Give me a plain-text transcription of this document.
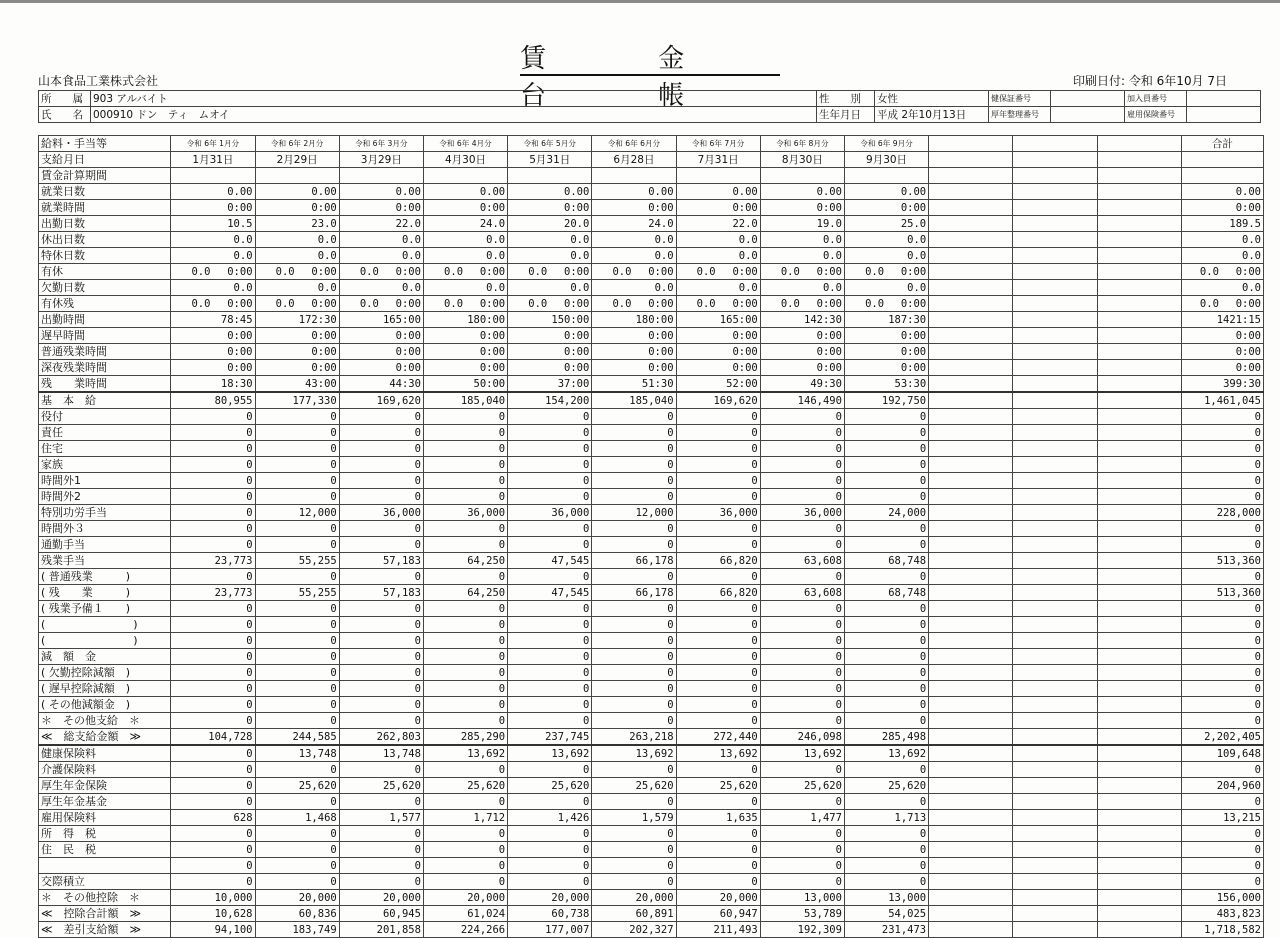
賃 金 台 帳
山本食品工業株式会社	印刷日付: 令和 6年10月 7日
所　　属	903 アルバイト	性　　別	女性	健保証番号		加入員番号	
氏　　名	000910 ドン　ティ　ムオイ	生年月日	平成 2年10月13日	厚年整理番号		雇用保険番号	
給料・手当等	令和 6年 1月分	令和 6年 2月分	令和 6年 3月分	令和 6年 4月分	令和 6年 5月分	令和 6年 6月分	令和 6年 7月分	令和 6年 8月分	令和 6年 9月分				合計
支給月日	1月31日	2月29日	3月29日	4月30日	5月31日	6月28日	7月31日	8月30日	9月30日				
賃金計算期間													
就業日数	0.00	0.00	0.00	0.00	0.00	0.00	0.00	0.00	0.00				0.00
就業時間	0:00	0:00	0:00	0:00	0:00	0:00	0:00	0:00	0:00				0:00
出勤日数	10.5	23.0	22.0	24.0	20.0	24.0	22.0	19.0	25.0				189.5
休出日数	0.0	0.0	0.0	0.0	0.0	0.0	0.0	0.0	0.0				0.0
特休日数	0.0	0.0	0.0	0.0	0.0	0.0	0.0	0.0	0.0				0.0
有休	0.0　 0:00	0.0　 0:00	0.0　 0:00	0.0　 0:00	0.0　 0:00	0.0　 0:00	0.0　 0:00	0.0　 0:00	0.0　 0:00				0.0　 0:00
欠勤日数	0.0	0.0	0.0	0.0	0.0	0.0	0.0	0.0	0.0				0.0
有休残	0.0　 0:00	0.0　 0:00	0.0　 0:00	0.0　 0:00	0.0　 0:00	0.0　 0:00	0.0　 0:00	0.0　 0:00	0.0　 0:00				0.0　 0:00
出勤時間	78:45	172:30	165:00	180:00	150:00	180:00	165:00	142:30	187:30				1421:15
遅早時間	0:00	0:00	0:00	0:00	0:00	0:00	0:00	0:00	0:00				0:00
普通残業時間	0:00	0:00	0:00	0:00	0:00	0:00	0:00	0:00	0:00				0:00
深夜残業時間	0:00	0:00	0:00	0:00	0:00	0:00	0:00	0:00	0:00				0:00
残　　業時間	18:30	43:00	44:30	50:00	37:00	51:30	52:00	49:30	53:30				399:30
基　本　給	80,955	177,330	169,620	185,040	154,200	185,040	169,620	146,490	192,750				1,461,045
役付	0	0	0	0	0	0	0	0	0				0
責任	0	0	0	0	0	0	0	0	0				0
住宅	0	0	0	0	0	0	0	0	0				0
家族	0	0	0	0	0	0	0	0	0				0
時間外1	0	0	0	0	0	0	0	0	0				0
時間外2	0	0	0	0	0	0	0	0	0				0
特別功労手当	0	12,000	36,000	36,000	36,000	12,000	36,000	36,000	24,000				228,000
時間外３	0	0	0	0	0	0	0	0	0				0
通勤手当	0	0	0	0	0	0	0	0	0				0
残業手当	23,773	55,255	57,183	64,250	47,545	66,178	66,820	63,608	68,748				513,360
( 普通残業　　　)	0	0	0	0	0	0	0	0	0				0
( 残　　業　　　)	23,773	55,255	57,183	64,250	47,545	66,178	66,820	63,608	68,748				513,360
( 残業予備１　　)	0	0	0	0	0	0	0	0	0				0
(　　　　　　　　)	0	0	0	0	0	0	0	0	0				0
(　　　　　　　　)	0	0	0	0	0	0	0	0	0				0
減　額　金	0	0	0	0	0	0	0	0	0				0
( 欠勤控除減額　)	0	0	0	0	0	0	0	0	0				0
( 遅早控除減額　)	0	0	0	0	0	0	0	0	0				0
( その他減額金　)	0	0	0	0	0	0	0	0	0				0
＊　その他支給　＊	0	0	0	0	0	0	0	0	0				0
≪　総支給金額　≫	104,728	244,585	262,803	285,290	237,745	263,218	272,440	246,098	285,498				2,202,405
健康保険料	0	13,748	13,748	13,692	13,692	13,692	13,692	13,692	13,692				109,648
介護保険料	0	0	0	0	0	0	0	0	0				0
厚生年金保険	0	25,620	25,620	25,620	25,620	25,620	25,620	25,620	25,620				204,960
厚生年金基金	0	0	0	0	0	0	0	0	0				0
雇用保険料	628	1,468	1,577	1,712	1,426	1,579	1,635	1,477	1,713				13,215
所　得　税	0	0	0	0	0	0	0	0	0				0
住　民　税	0	0	0	0	0	0	0	0	0				0
	0	0	0	0	0	0	0	0	0				0
交際積立	0	0	0	0	0	0	0	0	0				0
＊　その他控除　＊	10,000	20,000	20,000	20,000	20,000	20,000	20,000	13,000	13,000				156,000
≪　控除合計額　≫	10,628	60,836	60,945	61,024	60,738	60,891	60,947	53,789	54,025				483,823
≪　差引支給額　≫	94,100	183,749	201,858	224,266	177,007	202,327	211,493	192,309	231,473				1,718,582
